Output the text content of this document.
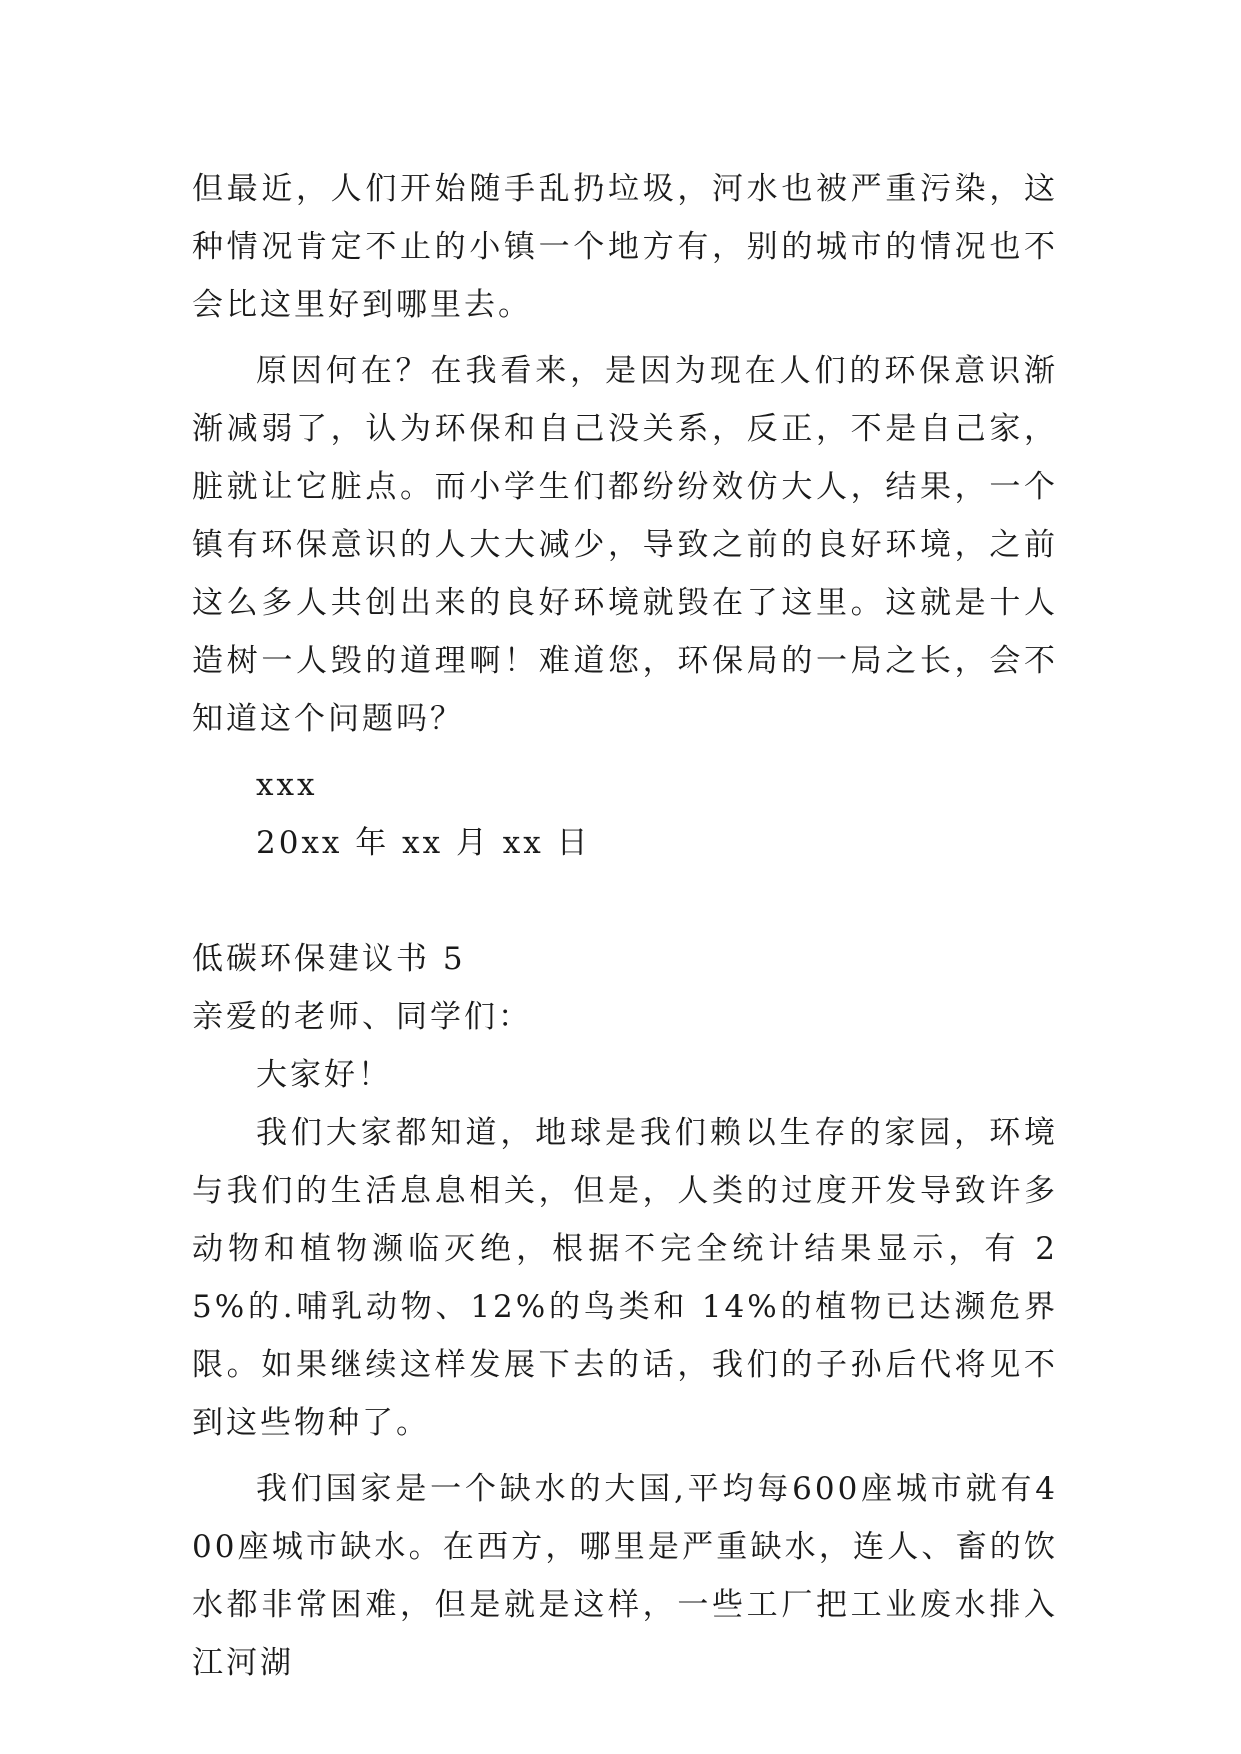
但最近，人们开始随手乱扔垃圾，河水也被严重污染，这种情况肯定不止的小镇一个地方有，别的城市的情况也不会比这里好到哪里去。

原因何在？在我看来，是因为现在人们的环保意识渐渐减弱了，认为环保和自己没关系，反正，不是自己家，脏就让它脏点。而小学生们都纷纷效仿大人，结果，一个镇有环保意识的人大大减少，导致之前的良好环境，之前这么多人共创出来的良好环境就毁在了这里。这就是十人造树一人毁的道理啊！难道您，环保局的一局之长，会不知道这个问题吗？

xxx

20xx 年 xx 月 xx 日

低碳环保建议书 5

亲爱的老师、同学们：

大家好！

我们大家都知道，地球是我们赖以生存的家园，环境与我们的生活息息相关，但是，人类的过度开发导致许多动物和植物濒临灭绝，根据不完全统计结果显示，有 25%的.哺乳动物、12%的鸟类和 14%的植物已达濒危界限。如果继续这样发展下去的话，我们的子孙后代将见不到这些物种了。

我们国家是一个缺水的大国,平均每600座城市就有400座城市缺水。在西方，哪里是严重缺水，连人、畜的饮水都非常困难，但是就是这样，一些工厂把工业废水排入江河湖
